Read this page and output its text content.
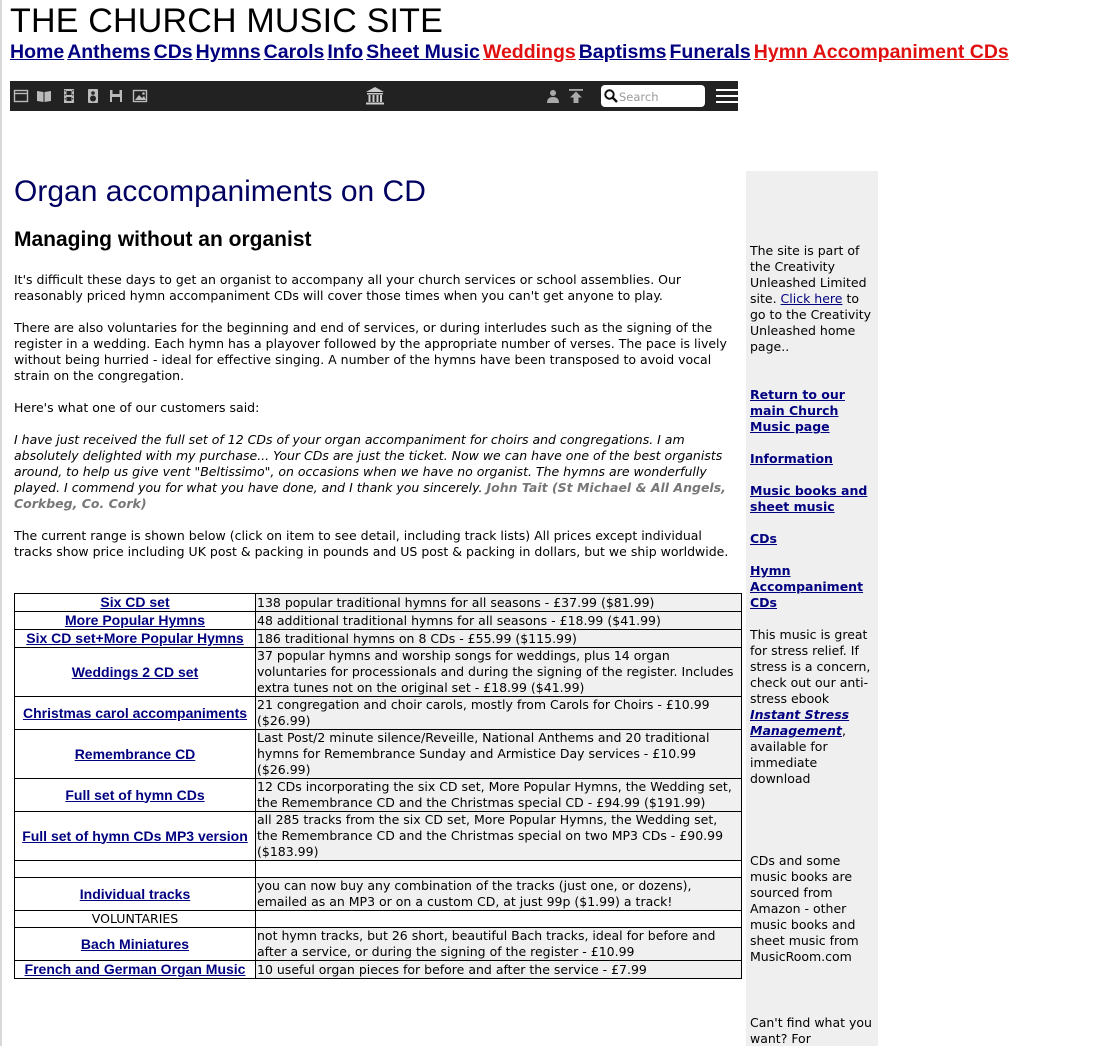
THE CHURCH MUSIC SITE
Home Anthems CDs Hymns Carols Info Sheet Music Weddings Baptisms Funerals Hymn Accompaniment CDs
Search
Organ accompaniments on CD
Managing without an organist

It's difficult these days to get an organist to accompany all your church services or school assemblies. Our reasonably priced hymn accompaniment CDs will cover those times when you can't get anyone to play.

There are also voluntaries for the beginning and end of services, or during interludes such as the signing of the register in a wedding. Each hymn has a playover followed by the appropriate number of verses. The pace is lively without being hurried - ideal for effective singing. A number of the hymns have been transposed to avoid vocal strain on the congregation.

Here's what one of our customers said:

I have just received the full set of 12 CDs of your organ accompaniment for choirs and congregations. I am absolutely delighted with my purchase... Your CDs are just the ticket. Now we can have one of the best organists around, to help us give vent "Beltissimo", on occasions when we have no organist. The hymns are wonderfully played. I commend you for what you have done, and I thank you sincerely. John Tait (St Michael & All Angels, Corkbeg, Co. Cork)

The current range is shown below (click on item to see detail, including track lists) All prices except individual tracks show price including UK post & packing in pounds and US post & packing in dollars, but we ship worldwide.

Six CD set	138 popular traditional hymns for all seasons - £37.99 ($81.99)
More Popular Hymns	48 additional traditional hymns for all seasons - £18.99 ($41.99)
Six CD set+More Popular Hymns	186 traditional hymns on 8 CDs - £55.99 ($115.99)
Weddings 2 CD set	37 popular hymns and worship songs for weddings, plus 14 organ voluntaries for processionals and during the signing of the register. Includes extra tunes not on the original set - £18.99 ($41.99)
Christmas carol accompaniments	21 congregation and choir carols, mostly from Carols for Choirs - £10.99 ($26.99)
Remembrance CD	Last Post/2 minute silence/Reveille, National Anthems and 20 traditional hymns for Remembrance Sunday and Armistice Day services - £10.99 ($26.99)
Full set of hymn CDs	12 CDs incorporating the six CD set, More Popular Hymns, the Wedding set, the Remembrance CD and the Christmas special CD - £94.99 ($191.99)
Full set of hymn CDs MP3 version	all 285 tracks from the six CD set, More Popular Hymns, the Wedding set, the Remembrance CD and the Christmas special on two MP3 CDs - £90.99 ($183.99)

Individual tracks	you can now buy any combination of the tracks (just one, or dozens), emailed as an MP3 or on a custom CD, at just 99p ($1.99) a track!
VOLUNTARIES	
Bach Miniatures	not hymn tracks, but 26 short, beautiful Bach tracks, ideal for before and after a service, or during the signing of the register - £10.99
French and German Organ Music	10 useful organ pieces for before and after the service - £7.99

The site is part of the Creativity Unleashed Limited site. Click here to go to the Creativity Unleashed home page..

Return to our main Church Music page

Information

Music books and sheet music

CDs

Hymn Accompaniment CDs

This music is great for stress relief. If stress is a concern, check out our anti-stress ebook Instant Stress Management, available for immediate download

CDs and some music books are sourced from Amazon - other music books and sheet music from MusicRoom.com

Can't find what you want? For
